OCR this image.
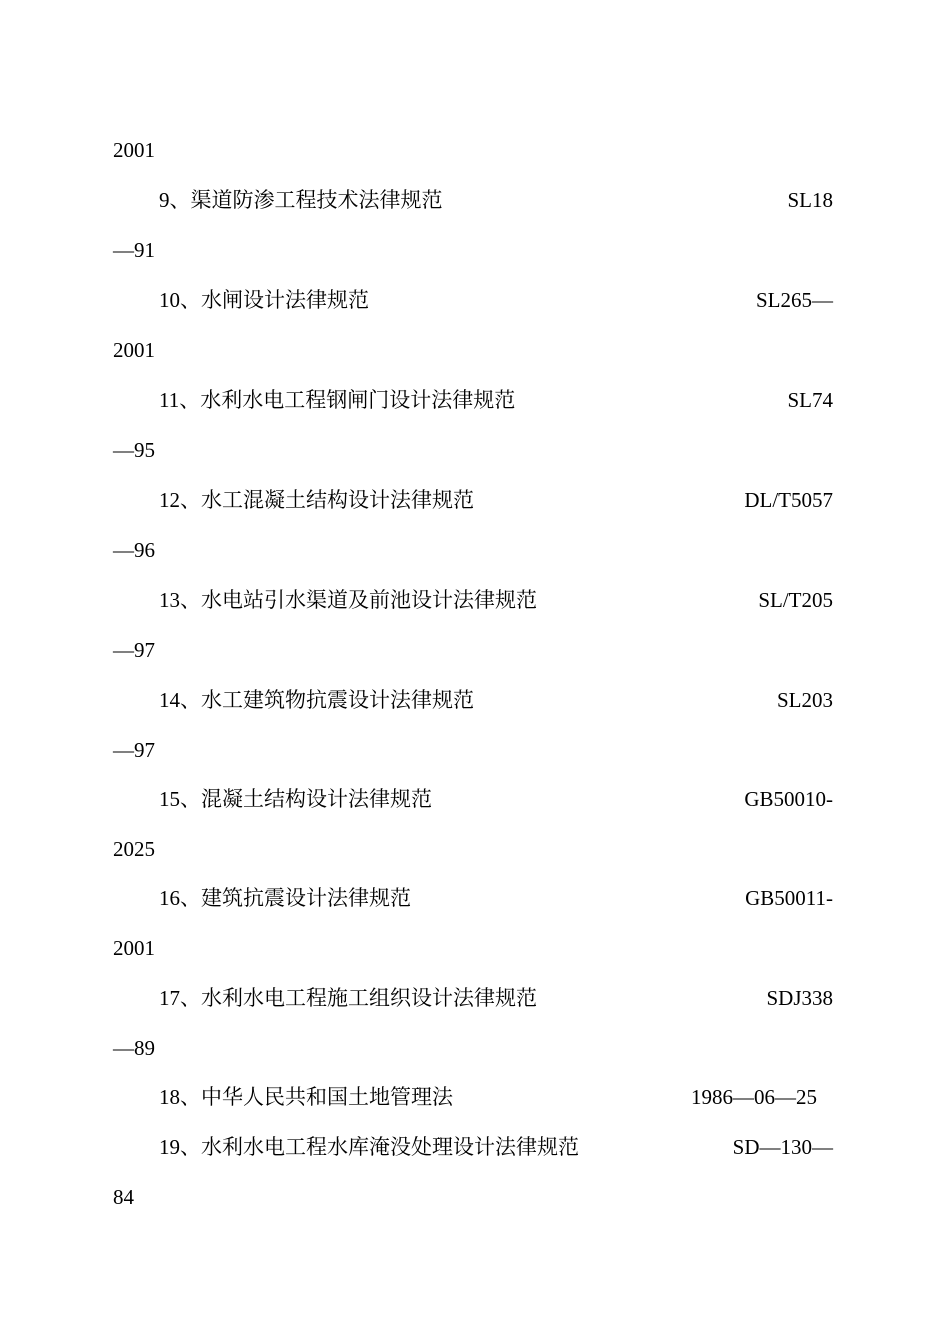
2001
9、渠道防渗工程技术法律规范	SL18
—91
10、水闸设计法律规范	SL265—
2001
11、水利水电工程钢闸门设计法律规范	SL74
—95
12、水工混凝土结构设计法律规范	DL/T5057
—96
13、水电站引水渠道及前池设计法律规范	SL/T205
—97
14、水工建筑物抗震设计法律规范	SL203
—97
15、混凝土结构设计法律规范	GB50010-
2025
16、建筑抗震设计法律规范	GB50011-
2001
17、水利水电工程施工组织设计法律规范	SDJ338
—89
18、中华人民共和国土地管理法	1986—06—25
19、水利水电工程水库淹没处理设计法律规范	SD—130—
84
